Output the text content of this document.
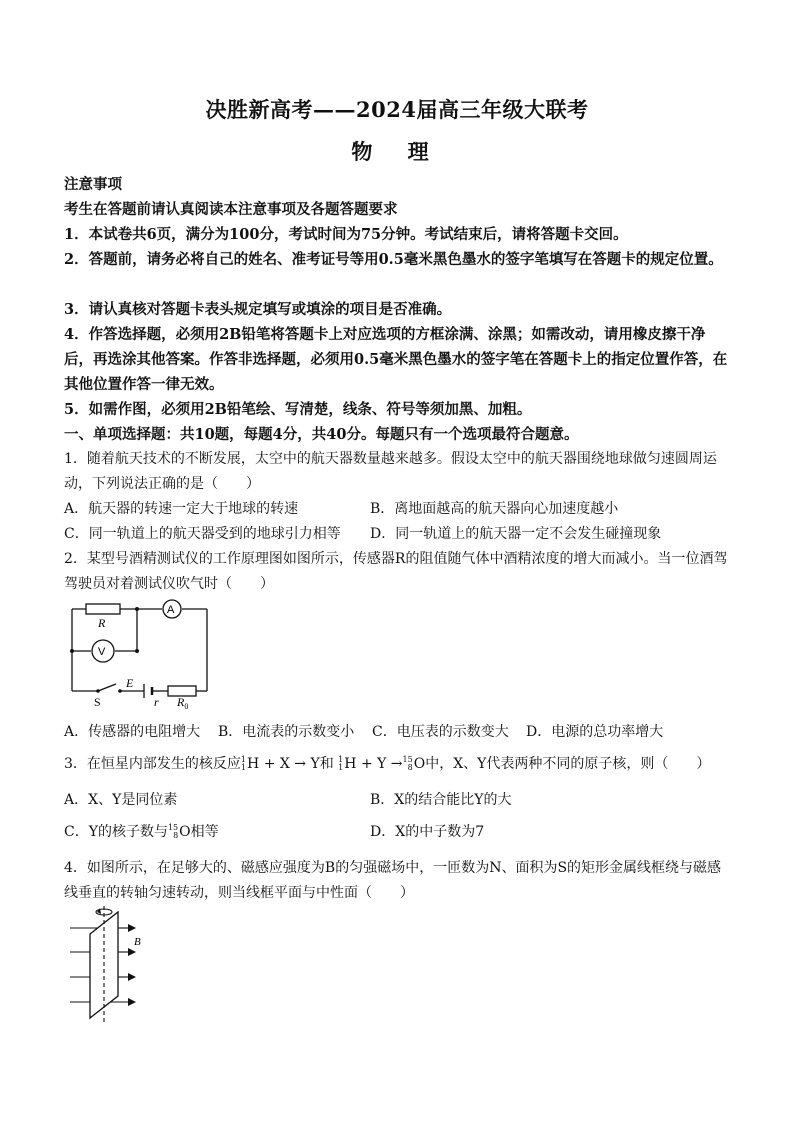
决胜新高考——2024届高三年级大联考
物 理
注意事项
考生在答题前请认真阅读本注意事项及各题答题要求
1．本试卷共6页，满分为100分，考试时间为75分钟。考试结束后，请将答题卡交回。
2．答题前，请务必将自己的姓名、准考证号等用0.5毫米黑色墨水的签字笔填写在答题卡的规定位置。
3．请认真核对答题卡表头规定填写或填涂的项目是否准确。
4．作答选择题，必须用2B铅笔将答题卡上对应选项的方框涂满、涂黑；如需改动，请用橡皮擦干净后，再选涂其他答案。作答非选择题，必须用0.5毫米黑色墨水的签字笔在答题卡上的指定位置作答，在其他位置作答一律无效。
5．如需作图，必须用2B铅笔绘、写清楚，线条、符号等须加黑、加粗。
一、单项选择题：共10题，每题4分，共40分。每题只有一个选项最符合题意。
1．随着航天技术的不断发展，太空中的航天器数量越来越多。假设太空中的航天器围绕地球做匀速圆周运动，下列说法正确的是（　　）
A．航天器的转速一定大于地球的转速	B．离地面越高的航天器向心加速度越小
C．同一轨道上的航天器受到的地球引力相等 D．同一轨道上的航天器一定不会发生碰撞现象
2．某型号酒精测试仪的工作原理图如图所示，传感器R的阻值随气体中酒精浓度的增大而减小。当一位酒驾驾驶员对着测试仪吹气时（　　）
R
A
V
S
E
r $R_0$
A．传感器的电阻增大 B．电流表的示数变小 C．电压表的示数变大 D．电源的总功率增大
3．在恒星内部发生的核反应1
1H + X → Y和 1
1H + Y →15
8O中，X、Y代表两种不同的原子核，则（　　）
A．X、Y是同位素	B．X的结合能比Y的大
C．Y的核子数与15
8O相等	D．X的中子数为7
4．如图所示，在足够大的、磁感应强度为B的匀强磁场中，一匝数为N、面积为S的矩形金属线框绕与磁感线垂直的转轴匀速转动，则当线框平面与中性面（　　）
B
